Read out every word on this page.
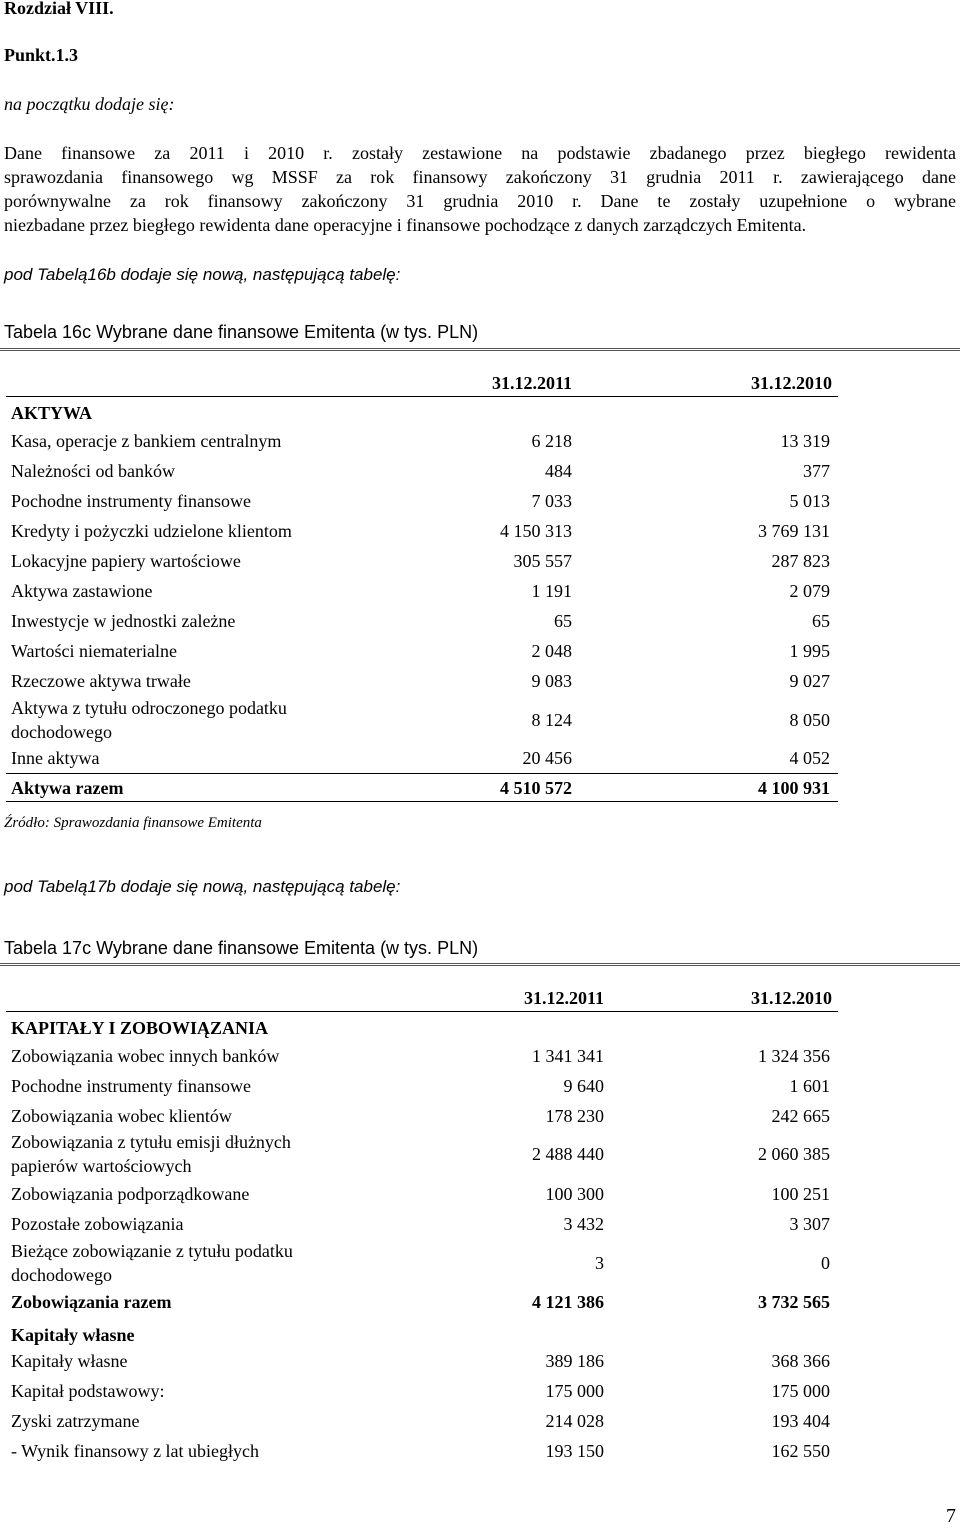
Rozdział VIII.
Punkt.1.3
na początku dodaje się:
Dane finansowe za 2011 i 2010 r. zostały zestawione na podstawie zbadanego przez biegłego rewidenta
sprawozdania finansowego wg MSSF za rok finansowy zakończony 31 grudnia 2011 r. zawierającego dane
porównywalne za rok finansowy zakończony 31 grudnia 2010 r. Dane te zostały uzupełnione o wybrane
niezbadane przez biegłego rewidenta dane operacyjne i finansowe pochodzące z danych zarządczych Emitenta.
pod Tabelą16b dodaje się nową, następującą tabelę:
Tabela 16c Wybrane dane finansowe Emitenta (w tys. PLN)
31.12.2011	31.12.2010
AKTYWA
Kasa, operacje z bankiem centralnym	6 218	13 319
Należności od banków	484	377
Pochodne instrumenty finansowe	7 033	5 013
Kredyty i pożyczki udzielone klientom	4 150 313	3 769 131
Lokacyjne papiery wartościowe	305 557	287 823
Aktywa zastawione	1 191	2 079
Inwestycje w jednostki zależne	65	65
Wartości niematerialne	2 048	1 995
Rzeczowe aktywa trwałe	9 083	9 027
Aktywa z tytułu odroczonego podatku
dochodowego
8 124	8 050
Inne aktywa	20 456	4 052
Aktywa razem	4 510 572	4 100 931
Źródło: Sprawozdania finansowe Emitenta
pod Tabelą17b dodaje się nową, następującą tabelę:
Tabela 17c Wybrane dane finansowe Emitenta (w tys. PLN)
31.12.2011	31.12.2010
KAPITAŁY I ZOBOWIĄZANIA
Zobowiązania wobec innych banków	1 341 341	1 324 356
Pochodne instrumenty finansowe	9 640	1 601
Zobowiązania wobec klientów	178 230	242 665
Zobowiązania z tytułu emisji dłużnych
papierów wartościowych
2 488 440	2 060 385
Zobowiązania podporządkowane	100 300	100 251
Pozostałe zobowiązania	3 432	3 307
Bieżące zobowiązanie z tytułu podatku
dochodowego
3	0
Zobowiązania razem	4 121 386	3 732 565
Kapitały własne
Kapitały własne	389 186	368 366
Kapitał podstawowy:	175 000	175 000
Zyski zatrzymane	214 028	193 404
- Wynik finansowy z lat ubiegłych	193 150	162 550
7
